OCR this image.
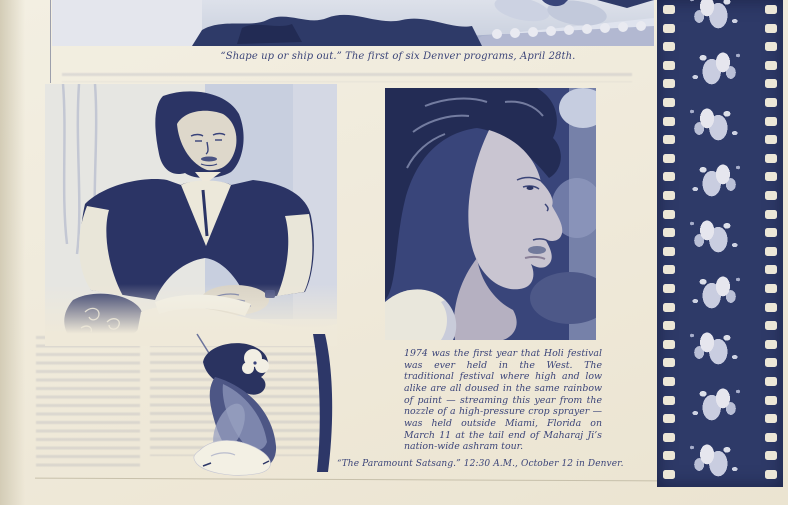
“Shape up or ship out.” The first of six Denver programs, April 28th.
1974 was the first year that Holi festival was ever held in the West. The traditional festival where high and low alike are all doused in the same rainbow of paint — streaming this year from the nozzle of a high-pressure crop sprayer — was held outside Miami, Florida on March 11 at the tail end of Maharaj Ji’s nation-wide ashram tour.
“The Paramount Satsang.” 12:30 A.M., October 12 in Denver.
